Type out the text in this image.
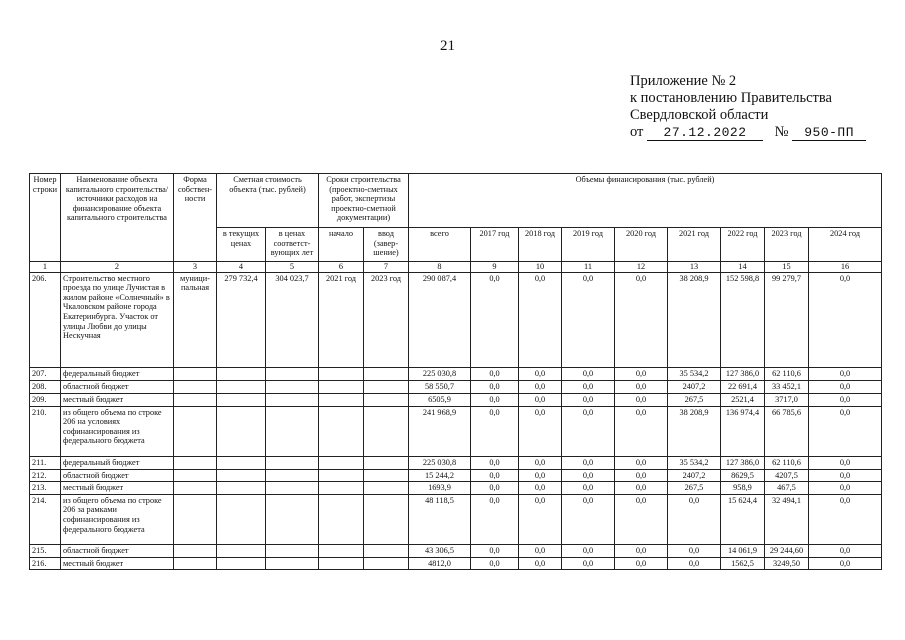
21
Приложение № 2
к постановлению Правительства
Свердловской области
от 27.12.2022 № 950-ПП
Номер строки	Наименование объекта капитального строительства/источники расходов на финансирование объекта капитального строительства	Форма собствен-ности	Сметная стоимость объекта (тыс. рублей)		Сроки строительства (проектно-сметных работ, экспертизы проектно-сметной документации)		Объемы финансирования (тыс. рублей)								
			в текущих ценах	в ценах соответст-вующих лет	начало	ввод (завер-шение)	всего	2017 год	2018 год	2019 год	2020 год	2021 год	2022 год	2023 год	2024 год
1	2	3	4	5	6	7	8	9	10	11	12	13	14	15	16
206.	Строительство местного проезда по улице Лучистая в жилом районе «Солнечный» в Чкаловском районе города Екатеринбурга. Участок от улицы Любви до улицы Нескучная	муници-пальная	279 732,4	304 023,7	2021 год	2023 год	290 087,4	0,0	0,0	0,0	0,0	38 208,9	152 598,8	99 279,7	0,0
207.	федеральный бюджет						225 030,8	0,0	0,0	0,0	0,0	35 534,2	127 386,0	62 110,6	0,0
208.	областной бюджет						58 550,7	0,0	0,0	0,0	0,0	2407,2	22 691,4	33 452,1	0,0
209.	местный бюджет						6505,9	0,0	0,0	0,0	0,0	267,5	2521,4	3717,0	0,0
210.	из общего объема по строке 206 на условиях софинансирования из федерального бюджета						241 968,9	0,0	0,0	0,0	0,0	38 208,9	136 974,4	66 785,6	0,0
211.	федеральный бюджет						225 030,8	0,0	0,0	0,0	0,0	35 534,2	127 386,0	62 110,6	0,0
212.	областной бюджет						15 244,2	0,0	0,0	0,0	0,0	2407,2	8629,5	4207,5	0,0
213.	местный бюджет						1693,9	0,0	0,0	0,0	0,0	267,5	958,9	467,5	0,0
214.	из общего объема по строке 206 за рамками софинансирования из федерального бюджета						48 118,5	0,0	0,0	0,0	0,0	0,0	15 624,4	32 494,1	0,0
215.	областной бюджет						43 306,5	0,0	0,0	0,0	0,0	0,0	14 061,9	29 244,60	0,0
216.	местный бюджет						4812,0	0,0	0,0	0,0	0,0	0,0	1562,5	3249,50	0,0
